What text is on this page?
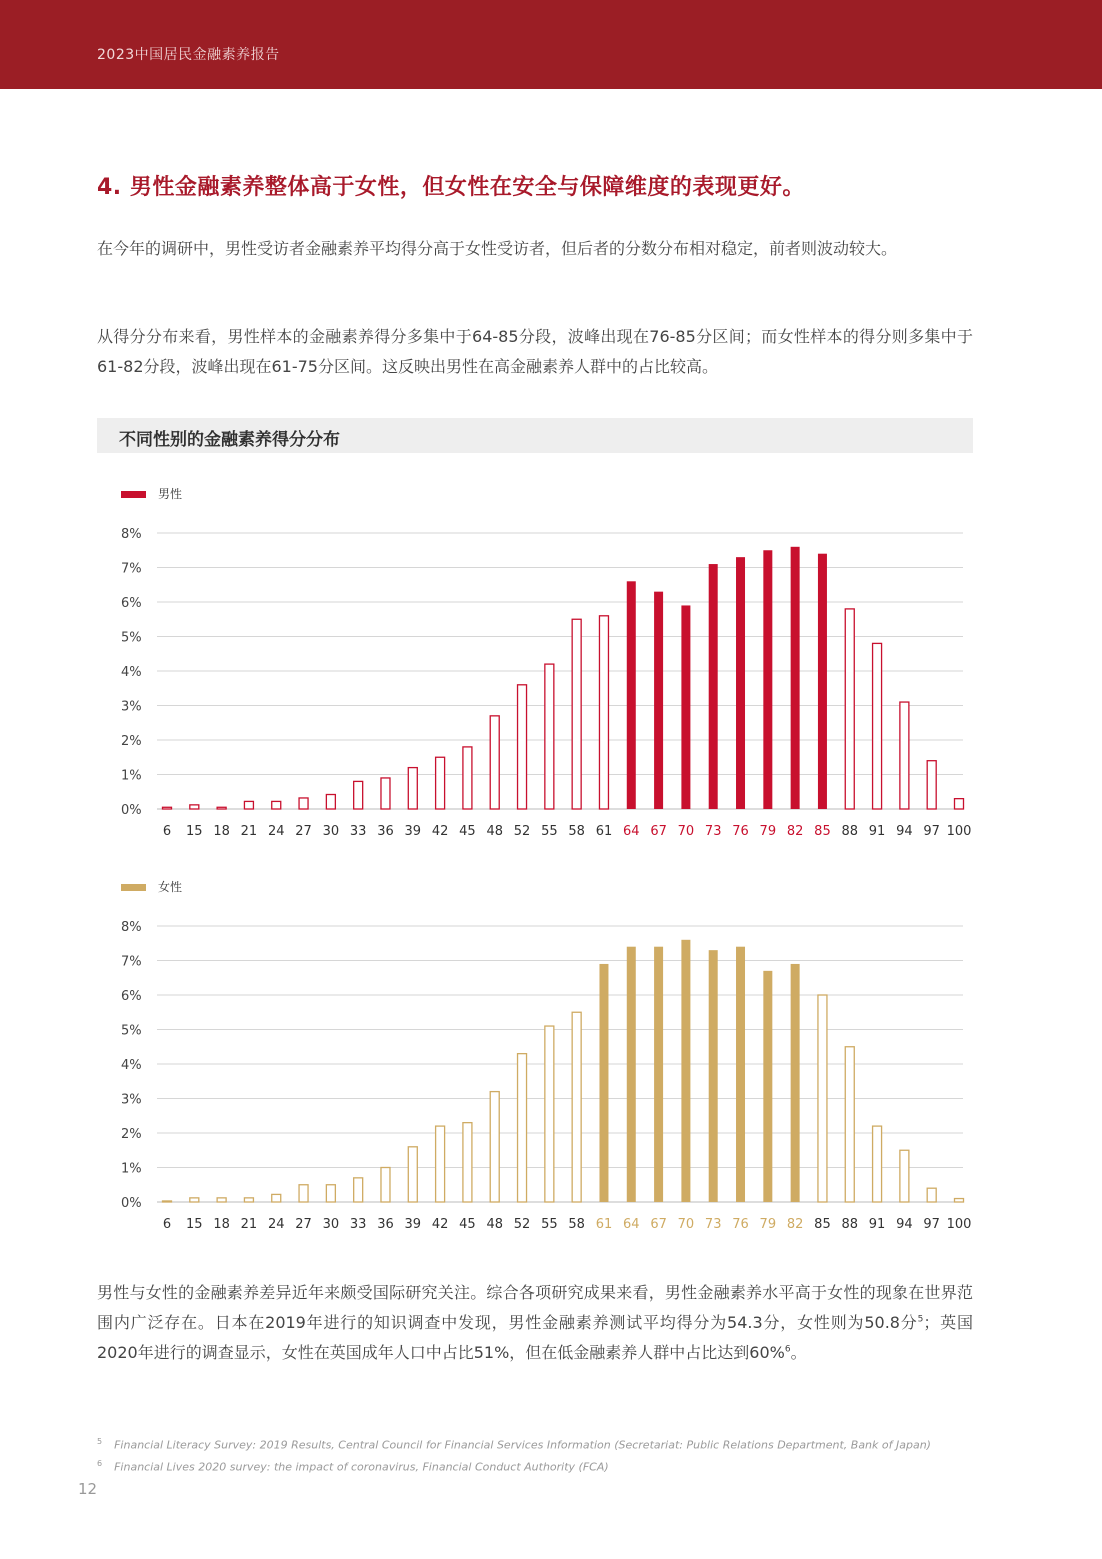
2023中国居民金融素养报告
4. 男性金融素养整体高于女性，但女性在安全与保障维度的表现更好。
在今年的调研中，男性受访者金融素养平均得分高于女性受访者，但后者的分数分布相对稳定，前者则波动较大。
从得分分布来看，男性样本的金融素养得分多集中于64-85分段，波峰出现在76-85分区间；而女性样本的得分则多集中于61-82分段，波峰出现在61-75分区间。这反映出男性在高金融素养人群中的占比较高。
不同性别的金融素养得分分布
男性
0%
1%
2%
3%
4%
5%
6%
7%
8%
6 15 18 21 24 27 30 33 36 39 42 45 48 52 55 58 61 64 67 70 73 76 79 82 85 88 91 94 97 100
女性
0%
1%
2%
3%
4%
5%
6%
7%
8%
6 15 18 21 24 27 30 33 36 39 42 45 48 52 55 58 61 64 67 70 73 76 79 82 85 88 91 94 97 100
男性与女性的金融素养差异近年来颇受国际研究关注。综合各项研究成果来看，男性金融素养水平高于女性的现象在世界范围内广泛存在。日本在2019年进行的知识调查中发现，男性金融素养测试平均得分为54.3分，女性则为50.8分$^5$；英国2020年进行的调查显示，女性在英国成年人口中占比51%，但在低金融素养人群中占比达到60%$^6$。
$^5$ Financial Literacy Survey: 2019 Results, Central Council for Financial Services Information (Secretariat: Public Relations Department, Bank of Japan)
$^6$ Financial Lives 2020 survey: the impact of coronavirus, Financial Conduct Authority (FCA)
12
